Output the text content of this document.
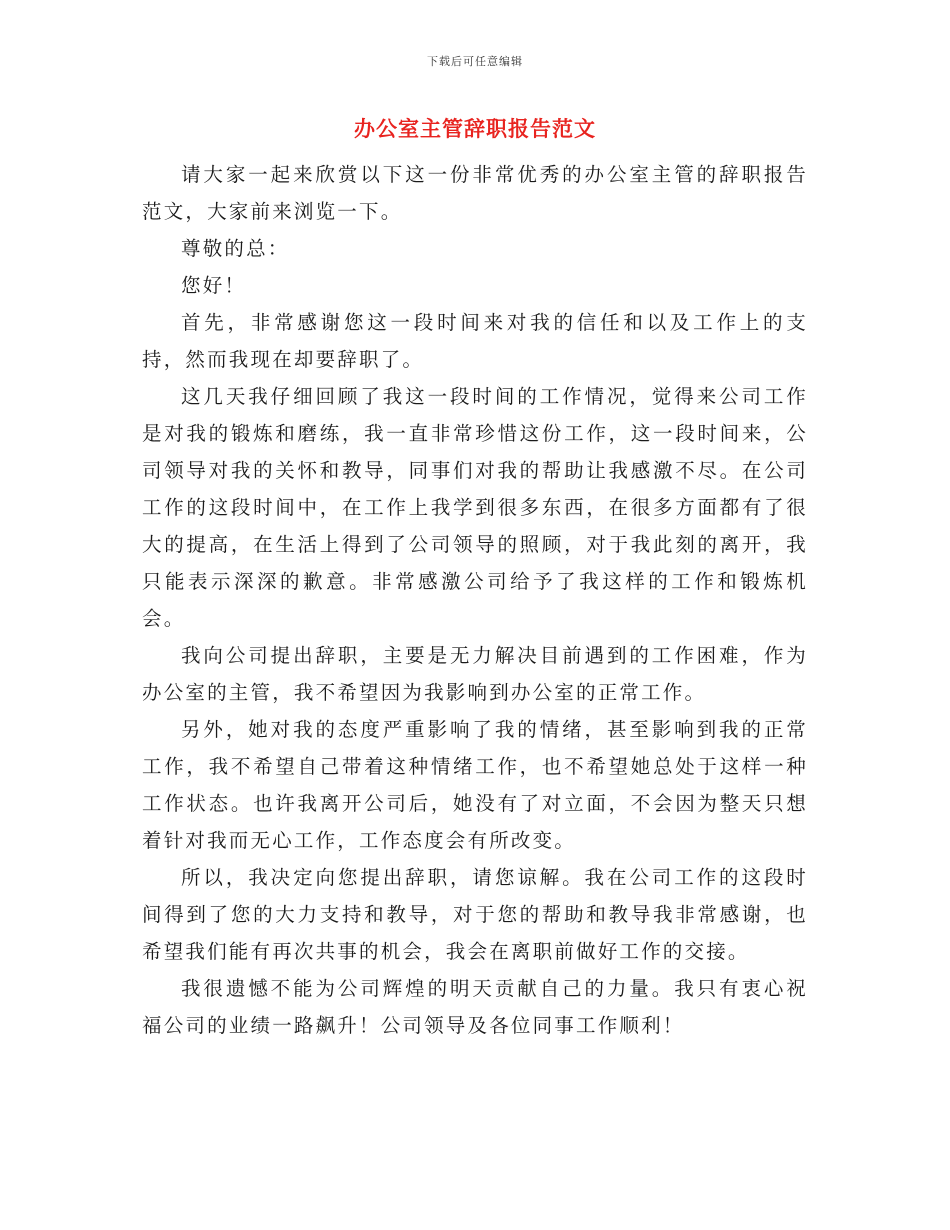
下载后可任意编辑
办公室主管辞职报告范文

请大家一起来欣赏以下这一份非常优秀的办公室主管的辞职报告范文，大家前来浏览一下。

尊敬的总：

您好！

首先，非常感谢您这一段时间来对我的信任和以及工作上的支持，然而我现在却要辞职了。

这几天我仔细回顾了我这一段时间的工作情况，觉得来公司工作是对我的锻炼和磨练，我一直非常珍惜这份工作，这一段时间来，公司领导对我的关怀和教导，同事们对我的帮助让我感激不尽。在公司工作的这段时间中，在工作上我学到很多东西，在很多方面都有了很大的提高，在生活上得到了公司领导的照顾，对于我此刻的离开，我只能表示深深的歉意。非常感激公司给予了我这样的工作和锻炼机会。

我向公司提出辞职，主要是无力解决目前遇到的工作困难，作为办公室的主管，我不希望因为我影响到办公室的正常工作。

另外，她对我的态度严重影响了我的情绪，甚至影响到我的正常工作，我不希望自己带着这种情绪工作，也不希望她总处于这样一种工作状态。也许我离开公司后，她没有了对立面，不会因为整天只想着针对我而无心工作，工作态度会有所改变。

所以，我决定向您提出辞职，请您谅解。我在公司工作的这段时间得到了您的大力支持和教导，对于您的帮助和教导我非常感谢，也希望我们能有再次共事的机会，我会在离职前做好工作的交接。

我很遗憾不能为公司辉煌的明天贡献自己的力量。我只有衷心祝福公司的业绩一路飙升！公司领导及各位同事工作顺利！
